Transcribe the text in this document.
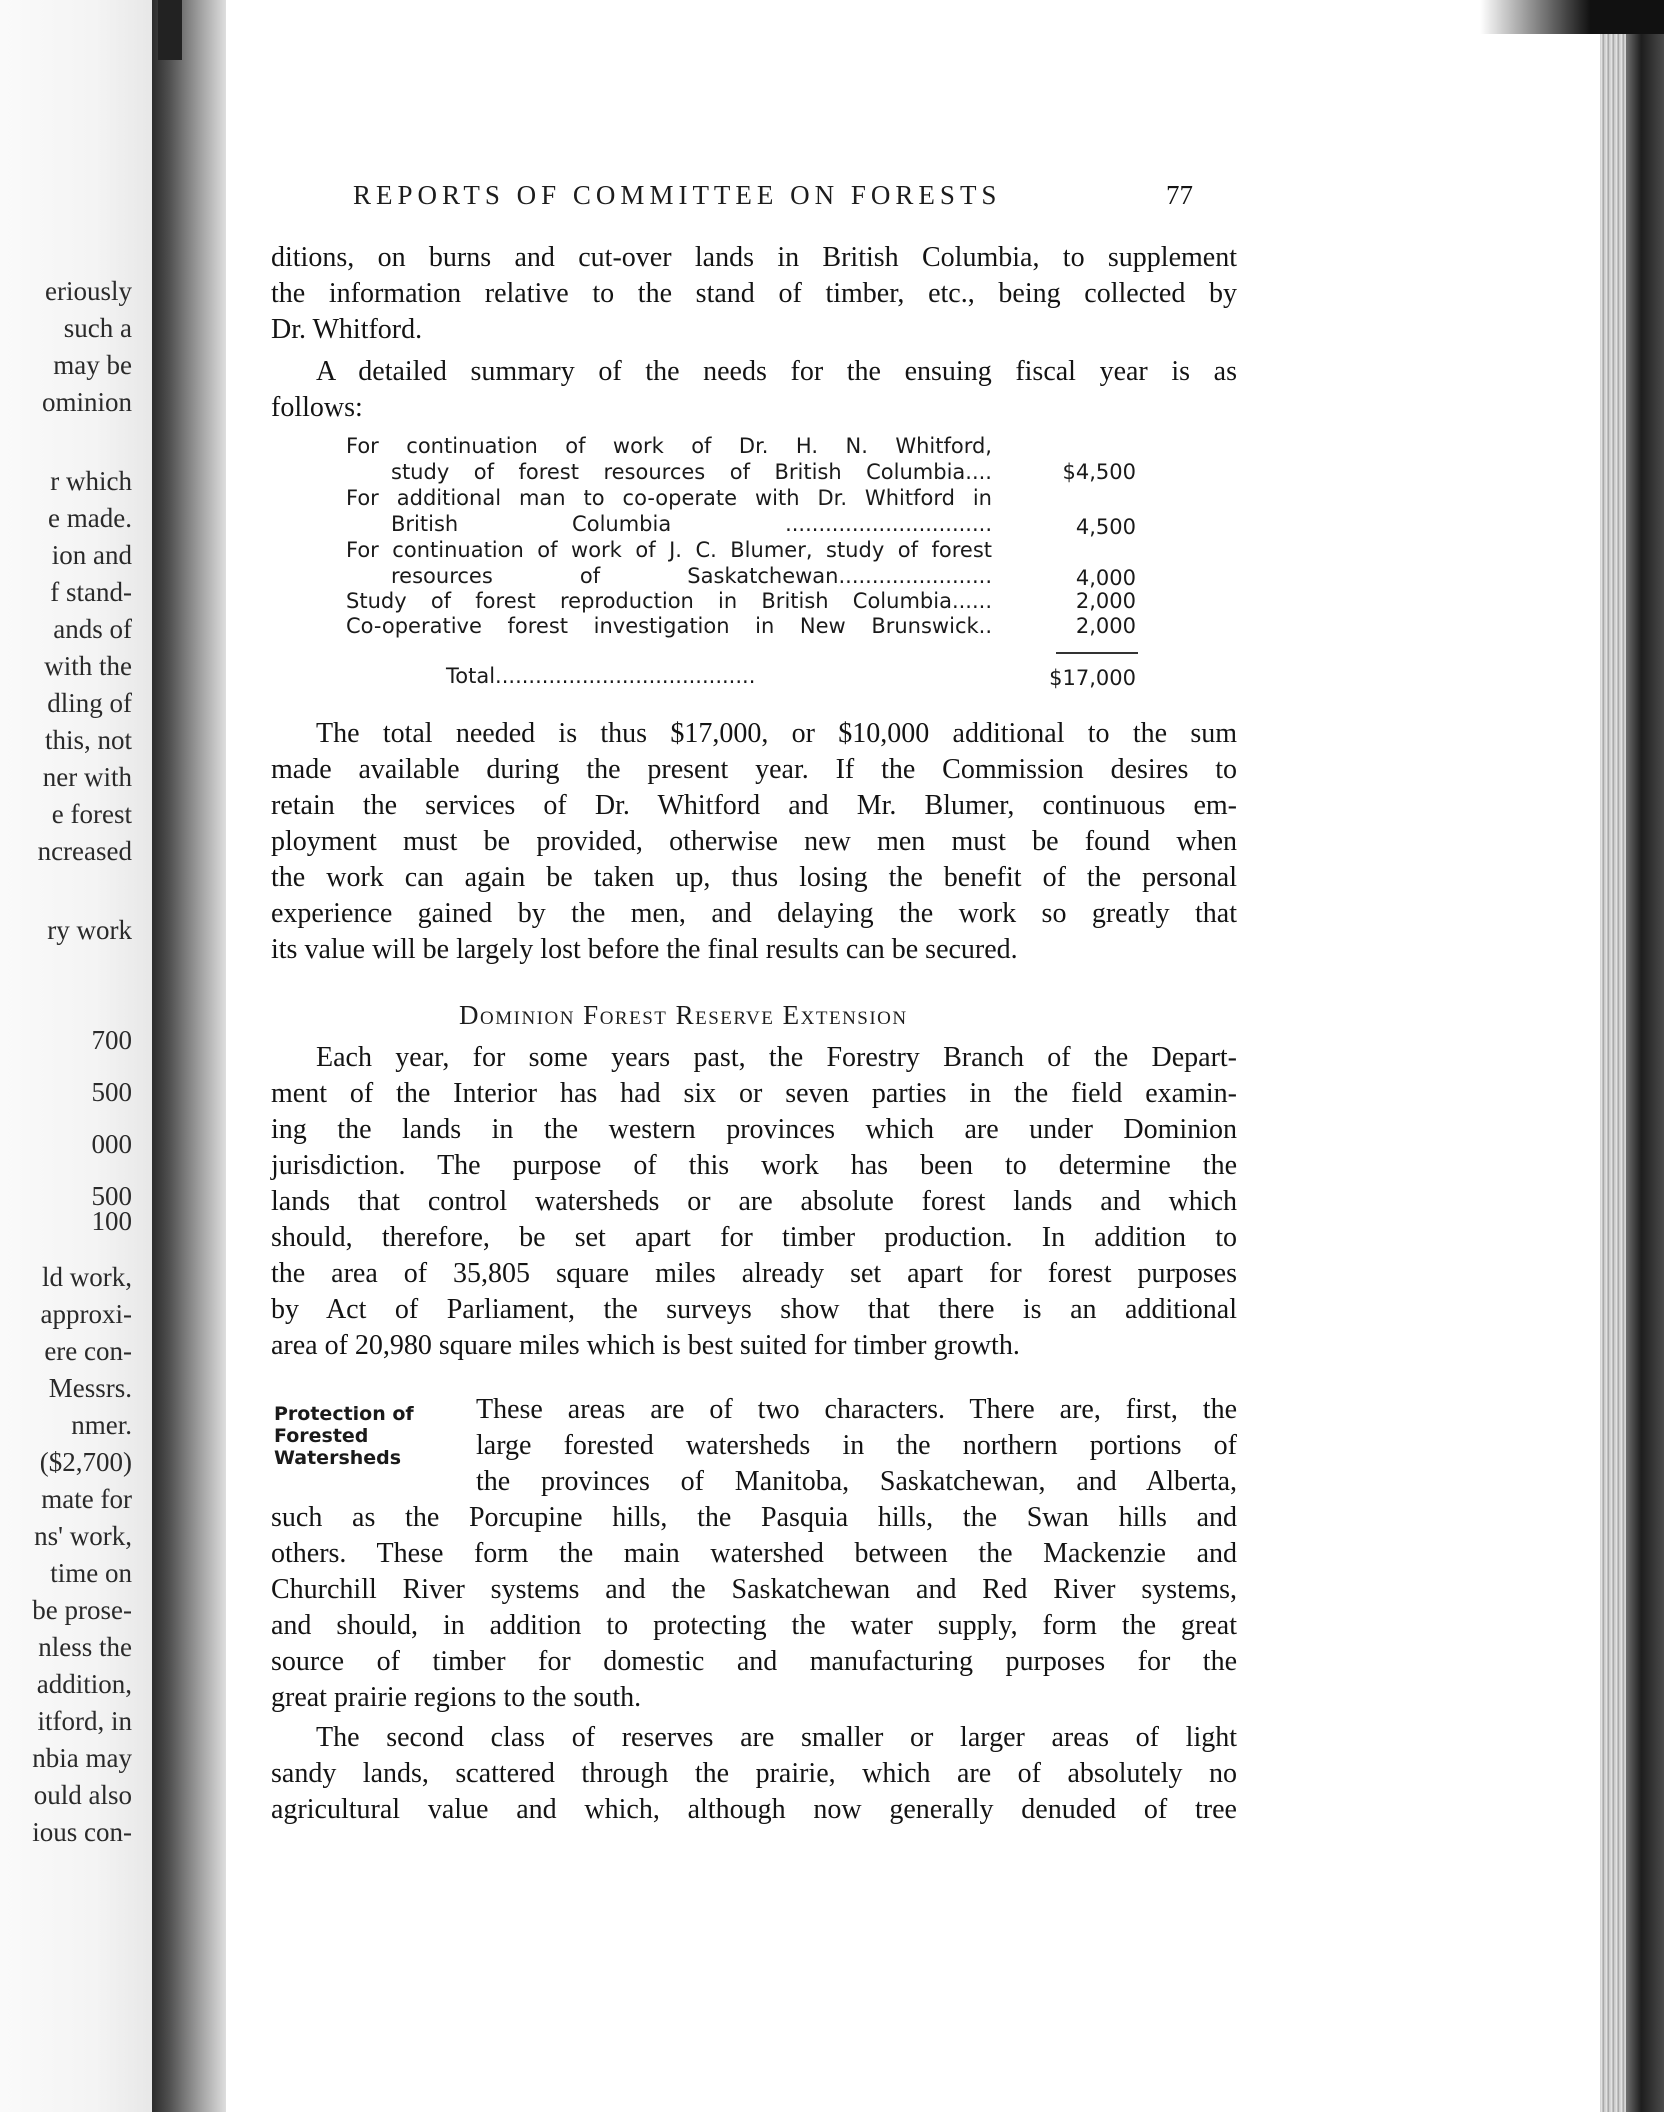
eriously
such a
may be
ominion
r which
e made.
ion and
f stand-
ands of
with the
dling of
this, not
ner with
e forest
ncreased
ry work
700
500
000
500
100
ld work,
approxi-
ere con-
Messrs.
nmer.
($2,700)
mate for
ns' work,
time on
be prose-
nless the
addition,
itford, in
nbia may
ould also
ious con-
REPORTS OF COMMITTEE ON FORESTS	77
ditions, on burns and cut-over lands in British Columbia, to supplement
the information relative to the stand of timber, etc., being collected by
Dr. Whitford.
A detailed summary of the needs for the ensuing fiscal year is as
follows:
For continuation of work of Dr. H. N. Whitford,
study of forest resources of British Columbia....	$4,500
For additional man to co-operate with Dr. Whitford in
British Columbia ...............................	4,500
For continuation of work of J. C. Blumer, study of forest
resources of Saskatchewan.......................	4,000
Study of forest reproduction in British Columbia......	2,000
Co-operative forest investigation in New Brunswick..	2,000
Total.......................................	$17,000
The total needed is thus $17,000, or $10,000 additional to the sum
made available during the present year. If the Commission desires to
retain the services of Dr. Whitford and Mr. Blumer, continuous em-
ployment must be provided, otherwise new men must be found when
the work can again be taken up, thus losing the benefit of the personal
experience gained by the men, and delaying the work so greatly that
its value will be largely lost before the final results can be secured.
Dominion Forest Reserve Extension
Each year, for some years past, the Forestry Branch of the Depart-
ment of the Interior has had six or seven parties in the field examin-
ing the lands in the western provinces which are under Dominion
jurisdiction. The purpose of this work has been to determine the
lands that control watersheds or are absolute forest lands and which
should, therefore, be set apart for timber production. In addition to
the area of 35,805 square miles already set apart for forest purposes
by Act of Parliament, the surveys show that there is an additional
area of 20,980 square miles which is best suited for timber growth.
Protection of
Forested
Watersheds
These areas are of two characters. There are, first, the
large forested watersheds in the northern portions of
the provinces of Manitoba, Saskatchewan, and Alberta,
such as the Porcupine hills, the Pasquia hills, the Swan hills and
others. These form the main watershed between the Mackenzie and
Churchill River systems and the Saskatchewan and Red River systems,
and should, in addition to protecting the water supply, form the great
source of timber for domestic and manufacturing purposes for the
great prairie regions to the south.
The second class of reserves are smaller or larger areas of light
sandy lands, scattered through the prairie, which are of absolutely no
agricultural value and which, although now generally denuded of tree
